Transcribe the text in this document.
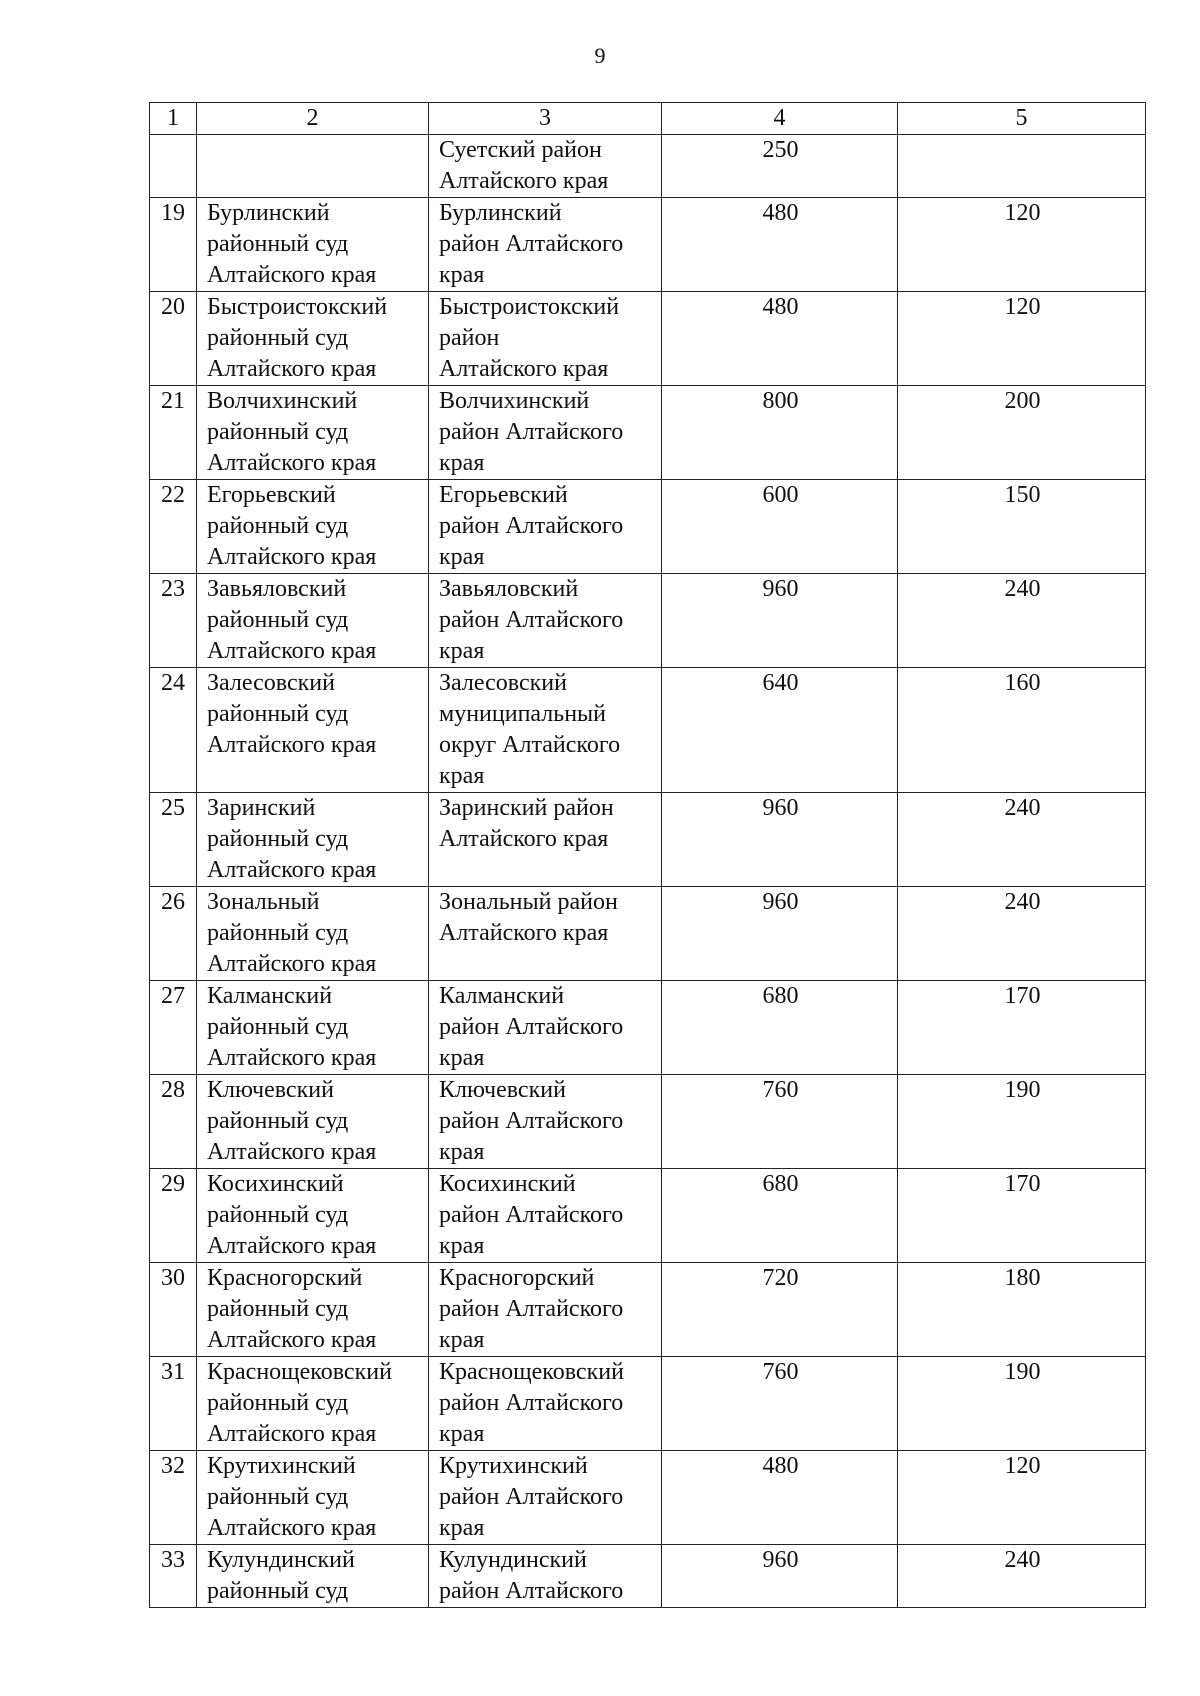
9
1	2	3	4	5
		Суетский район
Алтайского края	250	
19	Бурлинский
районный суд
Алтайского края	Бурлинский
район Алтайского
края	480	120
20	Быстроистокский
районный суд
Алтайского края	Быстроистокский
район
Алтайского края	480	120
21	Волчихинский
районный суд
Алтайского края	Волчихинский
район Алтайского
края	800	200
22	Егорьевский
районный суд
Алтайского края	Егорьевский
район Алтайского
края	600	150
23	Завьяловский
районный суд
Алтайского края	Завьяловский
район Алтайского
края	960	240
24	Залесовский
районный суд
Алтайского края	Залесовский
муниципальный
округ Алтайского
края	640	160
25	Заринский
районный суд
Алтайского края	Заринский район
Алтайского края	960	240
26	Зональный
районный суд
Алтайского края	Зональный район
Алтайского края	960	240
27	Калманский
районный суд
Алтайского края	Калманский
район Алтайского
края	680	170
28	Ключевский
районный суд
Алтайского края	Ключевский
район Алтайского
края	760	190
29	Косихинский
районный суд
Алтайского края	Косихинский
район Алтайского
края	680	170
30	Красногорский
районный суд
Алтайского края	Красногорский
район Алтайского
края	720	180
31	Краснощековский
районный суд
Алтайского края	Краснощековский
район Алтайского
края	760	190
32	Крутихинский
районный суд
Алтайского края	Крутихинский
район Алтайского
края	480	120
33	Кулундинский
районный суд	Кулундинский
район Алтайского	960	240
